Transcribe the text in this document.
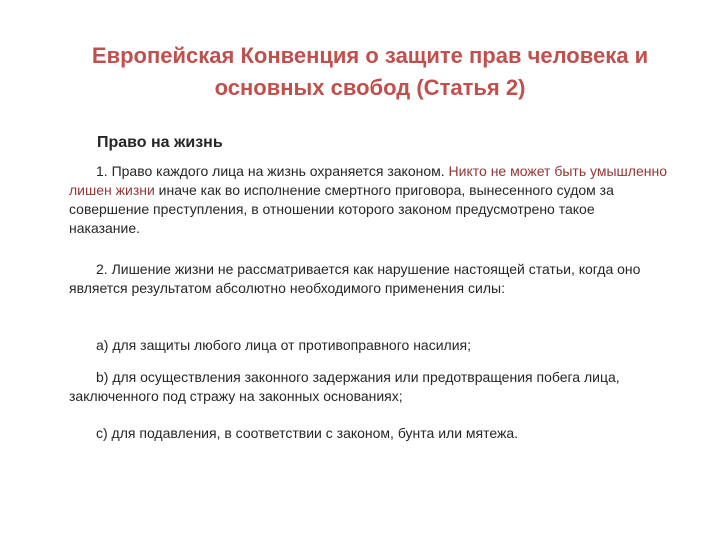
Европейская Конвенция о защите прав человека и
основных свобод (Статья 2)

Право на жизнь

1. Право каждого лица на жизнь охраняется законом. Никто не может быть умышленно лишен жизни иначе как во исполнение смертного приговора, вынесенного судом за совершение преступления, в отношении которого законом предусмотрено такое наказание.

2. Лишение жизни не рассматривается как нарушение настоящей статьи, когда оно является результатом абсолютно необходимого применения силы:

а) для защиты любого лица от противоправного насилия;

b) для осуществления законного задержания или предотвращения побега лица, заключенного под стражу на законных основаниях;

с) для подавления, в соответствии с законом, бунта или мятежа.
